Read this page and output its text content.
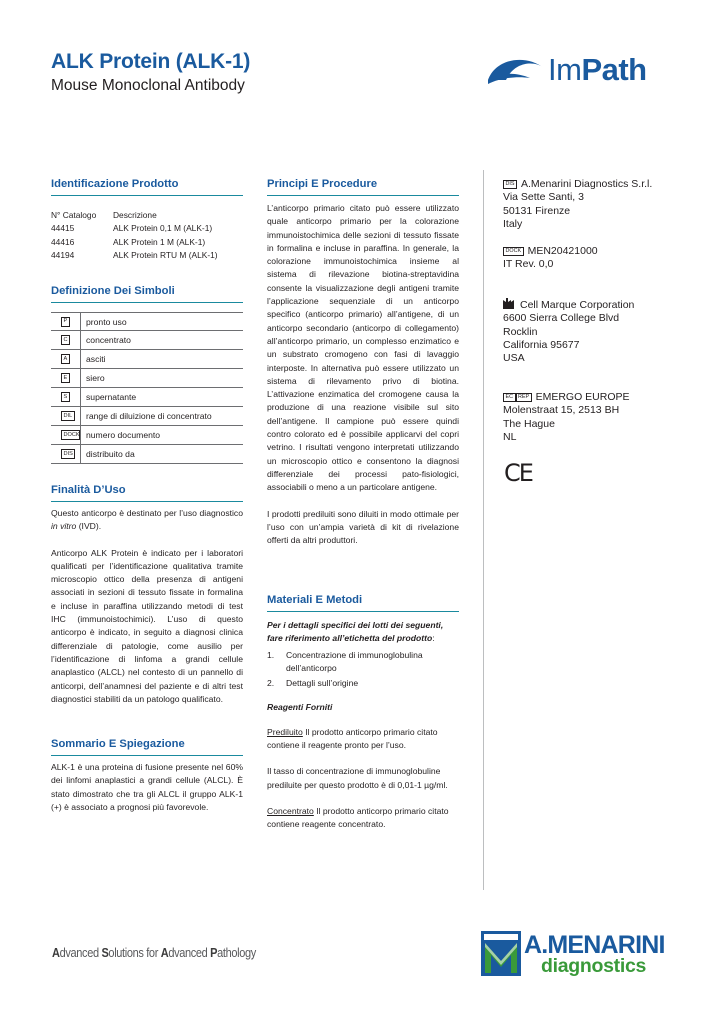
ALK Protein (ALK-1)
Mouse Monoclonal Antibody	ImPath
Identificazione Prodotto
N° Catalogo	Descrizione
44415	ALK Protein 0,1 M (ALK-1)
44416	ALK Protein 1 M (ALK-1)
44194	ALK Protein RTU M (ALK-1)
Definizione Dei Simboli
P	pronto uso
C	concentrato
A	asciti
E	siero
S	supernatante
DIL	range di diluizione di concentrato
DOCK numero documento
DIS	distribuito da
Finalità D’Uso

Questo anticorpo è destinato per l’uso diagnostico in vitro (IVD).

Anticorpo ALK Protein è indicato per i laboratori qualificati per l’identificazione qualitativa tramite microscopio ottico della presenza di antigeni associati in sezioni di tessuto fissate in formalina e incluse in paraffina utilizzando metodi di test IHC (immunoistochimici). L’uso di questo anticorpo è indicato, in seguito a diagnosi clinica differenziale di patologie, come ausilio per l’identificazione di linfoma a grandi cellule anaplastico (ALCL) nel contesto di un pannello di anticorpi, dell’anamnesi del paziente e di altri test diagnostici stabiliti da un patologo qualificato.

Sommario E Spiegazione

ALK-1 è una proteina di fusione presente nel 60% dei linfomi anaplastici a grandi cellule (ALCL). È stato dimostrato che tra gli ALCL il gruppo ALK-1 (+) è associato a prognosi più favorevole.

Principi E Procedure

L’anticorpo primario citato può essere utilizzato quale anticorpo primario per la colorazione immunoistochimica delle sezioni di tessuto fissate in formalina e incluse in paraffina. In generale, la colorazione immunoistochimica insieme al sistema di rilevazione biotina-streptavidina consente la visualizzazione degli antigeni tramite l’applicazione sequenziale di un anticorpo specifico (anticorpo primario) all’antigene, di un anticorpo secondario (anticorpo di collegamento) all’anticorpo primario, un complesso enzimatico e un substrato cromogeno con fasi di lavaggio interposte. In alternativa può essere utilizzato un sistema di rilevamento privo di biotina. L’attivazione enzimatica del cromogene causa la produzione di una reazione visibile sul sito dell’antigene. Il campione può essere quindi contro colorato ed è possibile applicarvi del copri vetrino. I risultati vengono interpretati utilizzando un microscopio ottico e consentono la diagnosi differenziale dei processi pato-fisiologici, associabili o meno a un particolare antigene.

I prodotti prediluiti sono diluiti in modo ottimale per l’uso con un’ampia varietà di kit di rivelazione offerti da altri produttori.

Materiali E Metodi

Per i dettagli specifici dei lotti dei seguenti, fare riferimento all’etichetta del prodotto:

1.	Concentrazione di immunoglobulina dell’anticorpo
2.	Dettagli sull’origine

Reagenti Forniti

Prediluito Il prodotto anticorpo primario citato contiene il reagente pronto per l’uso.

Il tasso di concentrazione di immunoglobuline prediluite per questo prodotto è di 0,01-1 µg/ml.

Concentrato Il prodotto anticorpo primario citato contiene reagente concentrato.

DIS A.Menarini Diagnostics S.r.l.
Via Sette Santi, 3
50131 Firenze
Italy
DOCK MEN20421000
IT Rev. 0,0
Cell Marque Corporation
6600 Sierra College Blvd
Rocklin
California 95677
USA
EC REP EMERGO EUROPE
Molenstraat 15, 2513 BH
The Hague
NL
CE
Advanced Solutions for Advanced Pathology	A.MENARINI
diagnostics
